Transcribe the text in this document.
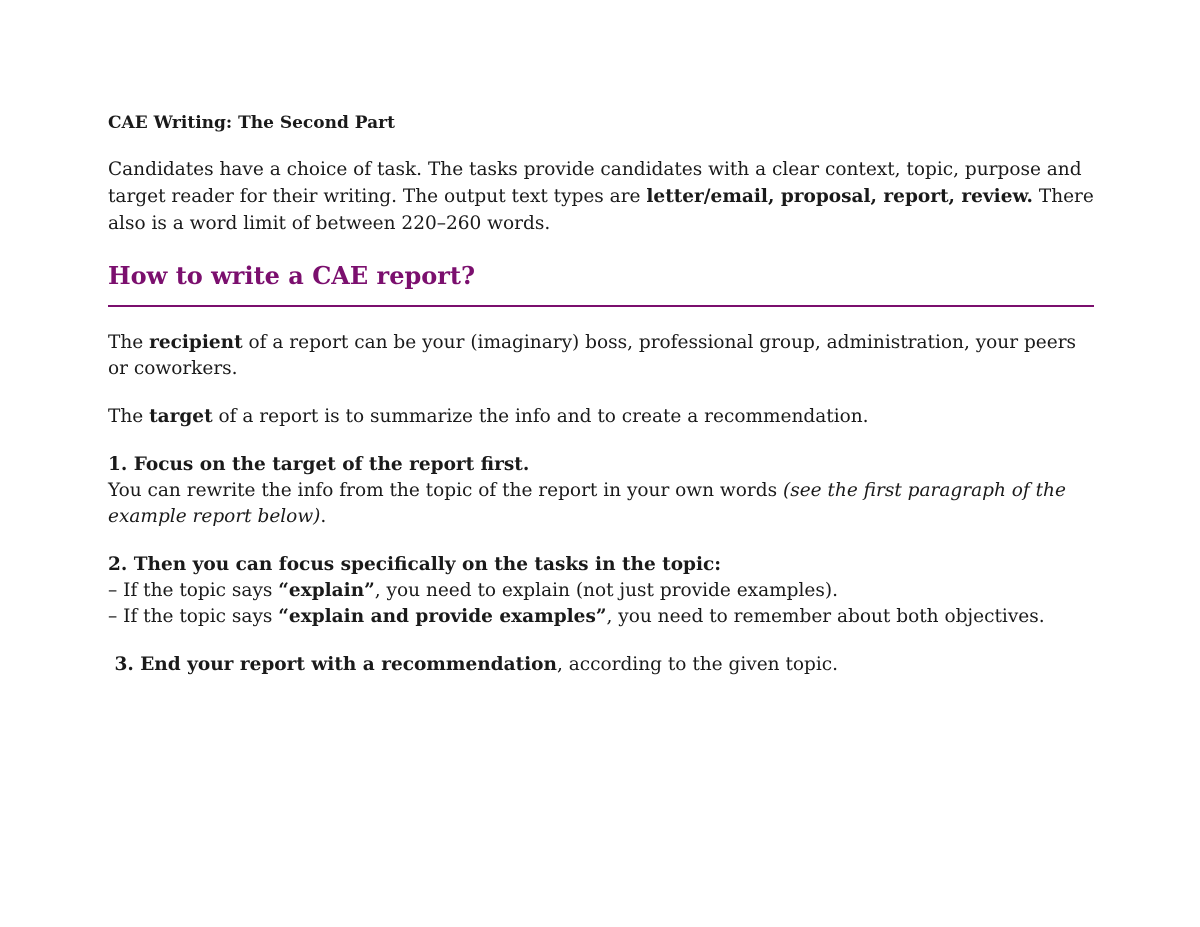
CAE Writing: The Second Part

Candidates have a choice of task. The tasks provide candidates with a clear context, topic, purpose and target reader for their writing. The output text types are letter/email, proposal, report, review. There also is a word limit of between 220–260 words.

How to write a CAE report?

The recipient of a report can be your (imaginary) boss, professional group, administration, your peers or coworkers.

The target of a report is to summarize the info and to create a recommendation.

1. Focus on the target of the report first.
You can rewrite the info from the topic of the report in your own words (see the first paragraph of the example report below).

2. Then you can focus specifically on the tasks in the topic:
– If the topic says “explain”, you need to explain (not just provide examples).
– If the topic says “explain and provide examples”, you need to remember about both objectives.

3. End your report with a recommendation, according to the given topic.
